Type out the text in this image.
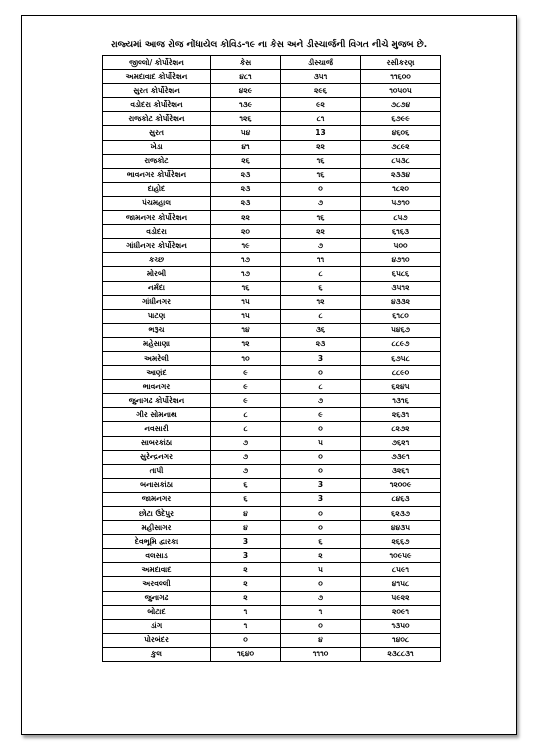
રાજ્યમાં આજ રોજ નોંધાયેલ કોવિડ-૧૯ ના કેસ અને ડીસ્ચાર્જની વિગત નીચે મુજબ છે.
જીલ્લો/ કોર્પોરેશન	કેસ	ડીસ્ચાર્જ	રસીકરણ
અમદાવાદ કોર્પોરેશન	૪૮૧	૩૫૧	૧૧૬૦૦
સુરત કોર્પોરેશન	૪૨૯	૨૯૬	૧૦૫૦૫
વડોદરા કોર્પોરેશન	૧૩૯	૯૨	૭૮૭૪
રાજકોટ કોર્પોરેશન	૧૨૬	૮૧	૬૭૯૯
સુરત	૫૪	13	૪૬૦૬
ખેડા	૪૧	૨૨	૭૮૯૨
રાજકોટ	૨૬	૧૬	૮૫૩૮
ભાવનગર કોર્પોરેશન	૨૩	૧૬	૨૩૩૪
દાહોદ	૨૩	૦	૧૮૨૦
પંચમહાલ	૨૩	૭	૫૭૧૦
જામનગર કોર્પોરેશન	૨૨	૧૬	૮૫૭
વડોદરા	૨૦	૨૨	૬૧૬૩
ગાંધીનગર કોર્પોરેશન	૧૯	૭	૫૦૦
કચ્છ	૧૭	૧૧	૪૭૧૦
મોરબી	૧૭	૮	૬૫૮૬
નર્મદા	૧૬	૬	૩૫૧૨
ગાંધીનગર	૧૫	૧૨	૪૩૩૨
પાટણ	૧૫	૮	૬૧૮૦
ભરૂચ	૧૪	૩૬	૫૪૬૭
મહેસાણા	૧૨	૨૩	૮૮૯૭
અમરેલી	૧૦	3	૬૭૫૮
આણંદ	૯	૦	૮૮૯૦
ભાવનગર	૯	૮	૬૨૪૫
જુનાગઢ કોર્પોરેશન	૯	૭	૧૩૧૬
ગીર સોમનાથ	૮	૯	૨૬૩૧
નવસારી	૮	૦	૮૨૭૨
સાબરકાંઠા	૭	૫	૭૬૨૧
સુરેન્દ્રનગર	૭	૦	૭૩૯૧
તાપી	૭	૦	૩૨૬૧
બનાસકાંઠા	૬	3	૧૨૦૦૯
જામનગર	૬	3	૮૪૬૩
છોટા ઉદેપુર	૪	૦	૬૨૩૭
મહીસાગર	૪	૦	૪૪૩૫
દેવભૂમિ દ્વારકા	3	૬	૨૬૬૭
વલસાડ	3	૨	૧૦૯૫૯
અમદાવાદ	૨	૫	૮૫૯૧
અરવલ્લી	૨	૦	૪૧૫૮
જુનાગઢ	૨	૭	૫૯૨૨
બોટાદ	૧	૧	૨૦૯૧
ડાંગ	૧	૦	૧૩૫૦
પોરબંદર	૦	૪	૧૪૦૮
કુલ	૧૬૪૦	૧૧૧૦	૨૩૮૮૩૧
